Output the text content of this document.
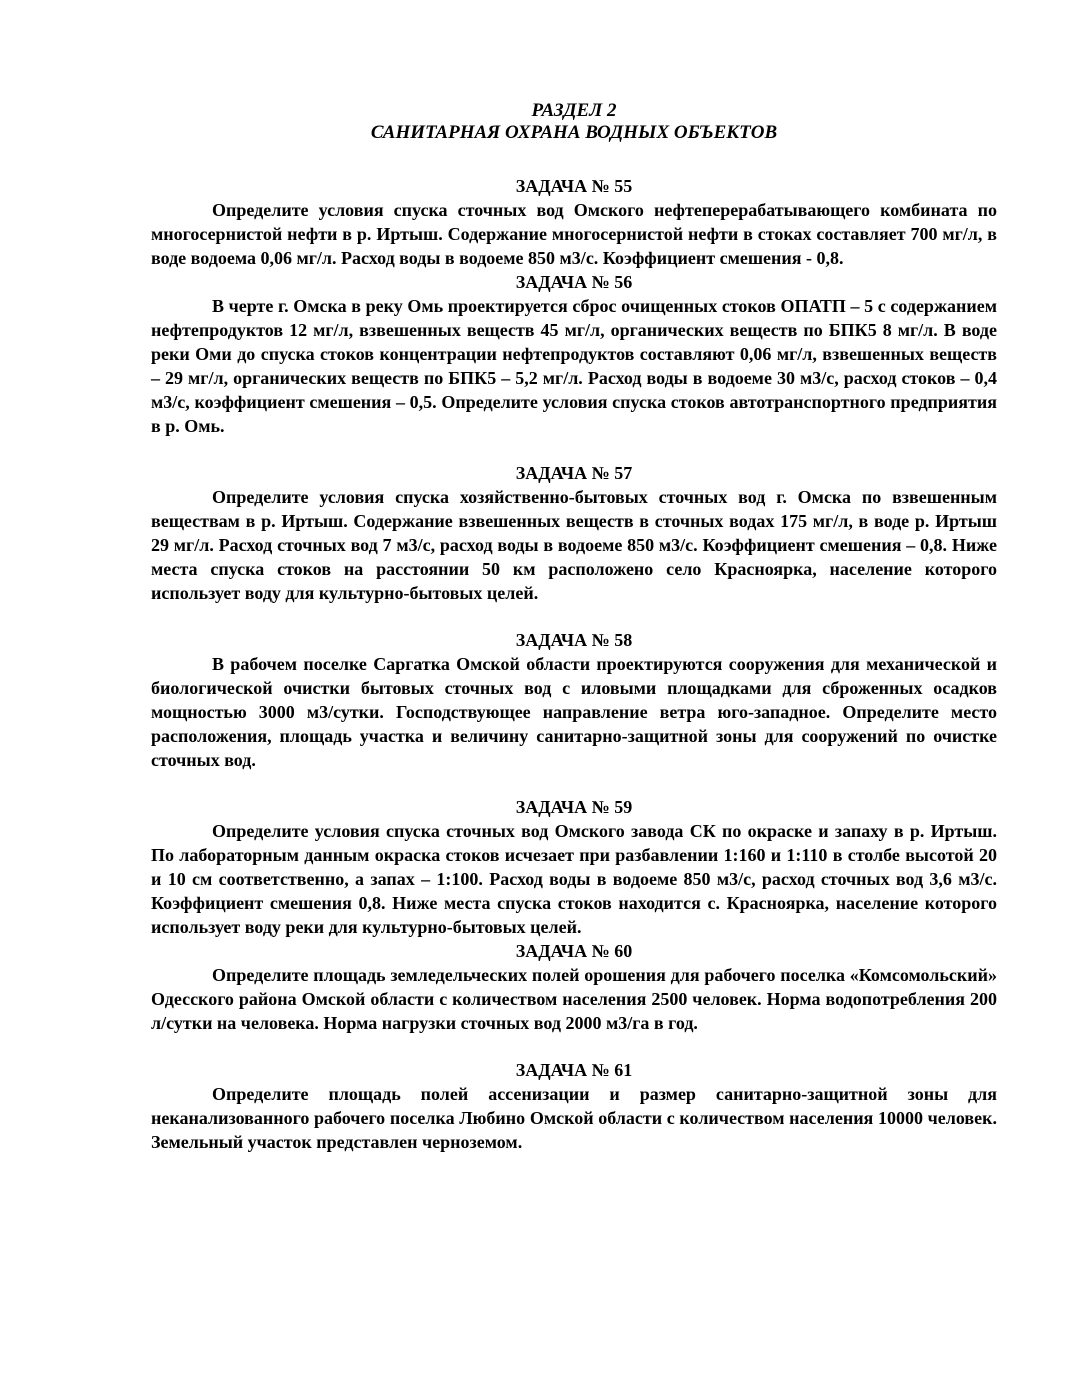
РАЗДЕЛ 2

САНИТАРНАЯ ОХРАНА ВОДНЫХ ОБЪЕКТОВ

ЗАДАЧА № 55

Определите условия спуска сточных вод Омского нефтеперерабатывающего комбината по многосернистой нефти в р. Иртыш. Содержание многосернистой нефти в стоках составляет 700 мг/л, в воде водоема 0,06 мг/л. Расход воды в водоеме 850 м3/с. Коэффициент смешения - 0,8.

ЗАДАЧА № 56

В черте г. Омска в реку Омь проектируется сброс очищенных стоков ОПАТП – 5 с содержанием нефтепродуктов 12 мг/л, взвешенных веществ 45 мг/л, органических веществ по БПК5 8 мг/л. В воде реки Оми до спуска стоков концентрации нефтепродуктов составляют 0,06 мг/л, взвешенных веществ – 29 мг/л, органических веществ по БПК5 – 5,2 мг/л. Расход воды в водоеме 30 м3/с, расход стоков – 0,4 м3/с, коэффициент смешения – 0,5. Определите условия спуска стоков автотранспортного предприятия в р. Омь.

ЗАДАЧА № 57

Определите условия спуска хозяйственно-бытовых сточных вод г. Омска по взвешенным веществам в р. Иртыш. Содержание взвешенных веществ в сточных водах 175 мг/л, в воде р. Иртыш 29 мг/л. Расход сточных вод 7 м3/с, расход воды в водоеме 850 м3/с. Коэффициент смешения – 0,8. Ниже места спуска стоков на расстоянии 50 км расположено село Красноярка, население которого использует воду для культурно-бытовых целей.

ЗАДАЧА № 58

В рабочем поселке Саргатка Омской области проектируются сооружения для механической и биологической очистки бытовых сточных вод с иловыми площадками для сброженных осадков мощностью 3000 м3/сутки. Господствующее направление ветра юго-западное. Определите место расположения, площадь участка и величину санитарно-защитной зоны для сооружений по очистке сточных вод.

ЗАДАЧА № 59

Определите условия спуска сточных вод Омского завода СК по окраске и запаху в р. Иртыш. По лабораторным данным окраска стоков исчезает при разбавлении 1:160 и 1:110 в столбе высотой 20 и 10 см соответственно, а запах – 1:100. Расход воды в водоеме 850 м3/с, расход сточных вод 3,6 м3/с. Коэффициент смешения 0,8. Ниже места спуска стоков находится с. Красноярка, население которого использует воду реки для культурно-бытовых целей.

ЗАДАЧА № 60

Определите площадь земледельческих полей орошения для рабочего поселка «Комсомольский» Одесского района Омской области с количеством населения 2500 человек. Норма водопотребления 200 л/сутки на человека. Норма нагрузки сточных вод 2000 м3/га в год.

ЗАДАЧА № 61

Определите площадь полей ассенизации и размер санитарно-защитной зоны для неканализованного рабочего поселка Любино Омской области с количеством населения 10000 человек. Земельный участок представлен черноземом.
